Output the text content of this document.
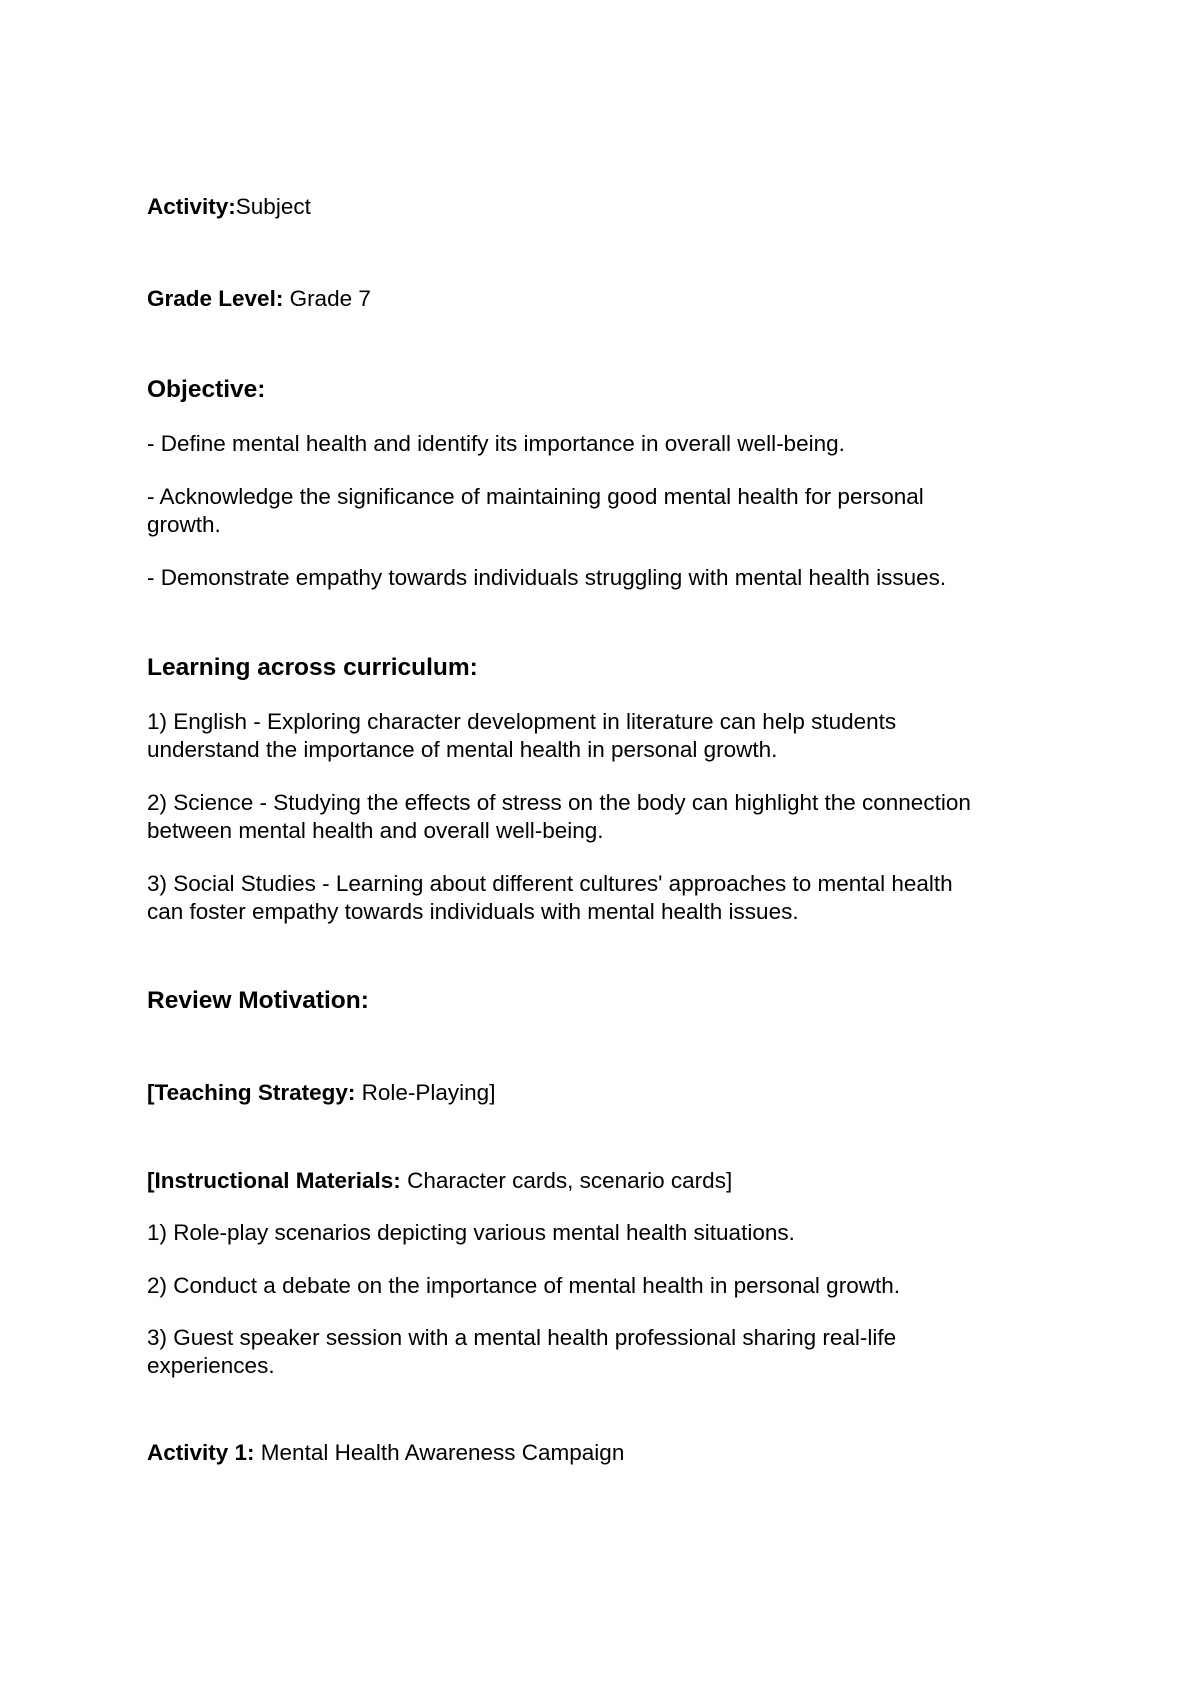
Activity:Subject

Grade Level: Grade 7

Objective:

- Define mental health and identify its importance in overall well-being.

- Acknowledge the significance of maintaining good mental health for personal

growth.

- Demonstrate empathy towards individuals struggling with mental health issues.

Learning across curriculum:

1) English - Exploring character development in literature can help students

understand the importance of mental health in personal growth.

2) Science - Studying the effects of stress on the body can highlight the connection

between mental health and overall well-being.

3) Social Studies - Learning about different cultures' approaches to mental health

can foster empathy towards individuals with mental health issues.

Review Motivation:

[Teaching Strategy: Role-Playing]

[Instructional Materials: Character cards, scenario cards]

1) Role-play scenarios depicting various mental health situations.

2) Conduct a debate on the importance of mental health in personal growth.

3) Guest speaker session with a mental health professional sharing real-life

experiences.

Activity 1: Mental Health Awareness Campaign
